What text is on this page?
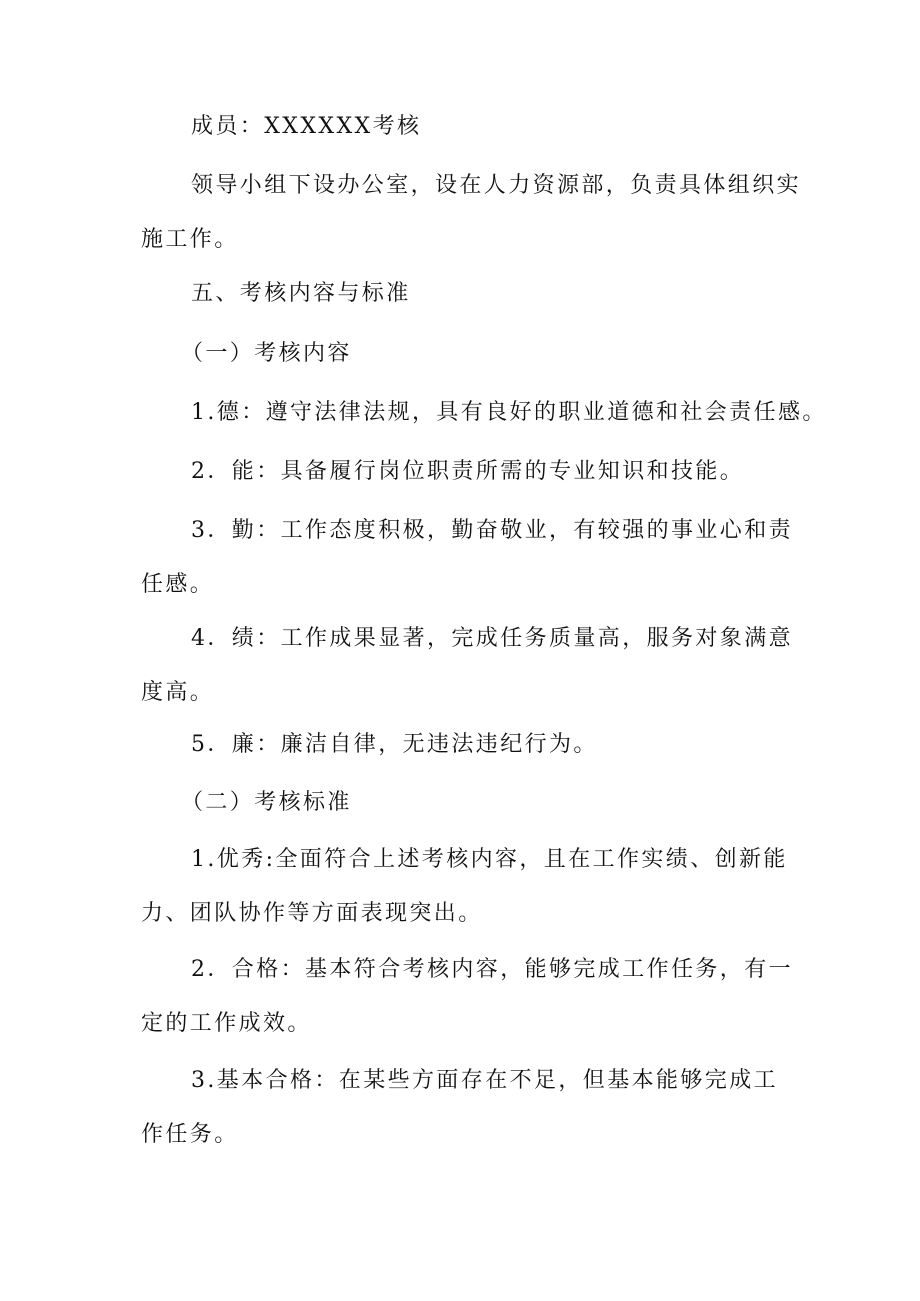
成员：XXXXXX考核

领导小组下设办公室，设在人力资源部，负责具体组织实施工作。

五、考核内容与标准

（一）考核内容

1.德：遵守法律法规，具有良好的职业道德和社会责任感。

2．能：具备履行岗位职责所需的专业知识和技能。

3．勤：工作态度积极，勤奋敬业，有较强的事业心和责任感。

4．绩：工作成果显著，完成任务质量高，服务对象满意度高。

5．廉：廉洁自律，无违法违纪行为。

（二）考核标准

1.优秀:全面符合上述考核内容，且在工作实绩、创新能力、团队协作等方面表现突出。

2．合格：基本符合考核内容，能够完成工作任务，有一定的工作成效。

3.基本合格：在某些方面存在不足，但基本能够完成工作任务。
